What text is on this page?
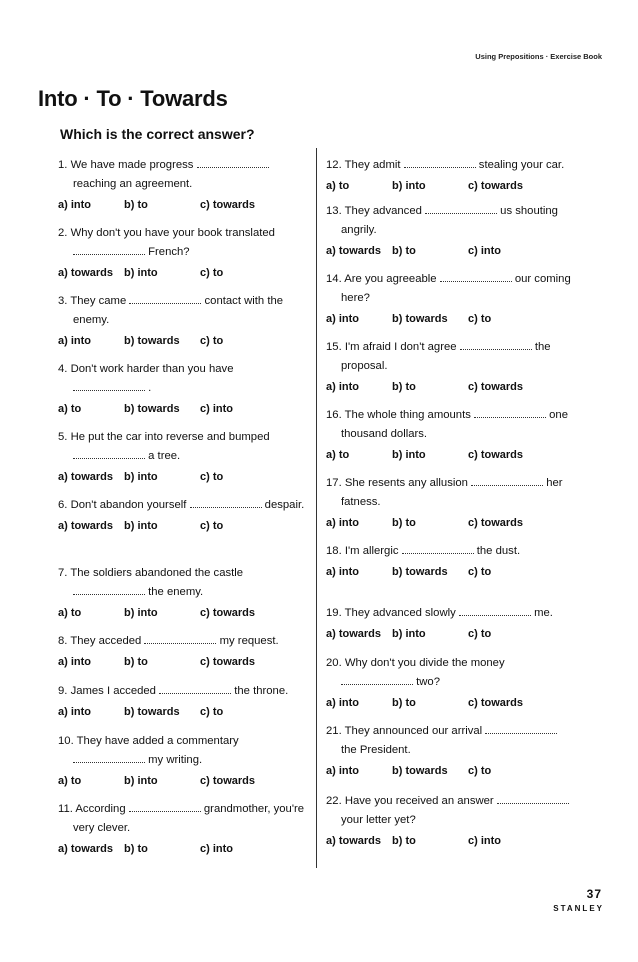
Using Prepositions · Exercise Book
Into · To · Towards
Which is the correct answer?

1. We have made progress  reaching an agreement.

a) into	b) to	c) towards

2. Why don't you have your book translated  French?

a) towards b) into	c) to

3. They came	contact with the enemy.

a) into	b) towards	c) to

4. Don't work harder than you have  .

a) to	b) towards	c) into

5. He put the car into reverse and bumped  a tree.

a) towards b) into	c) to

6. Don't abandon yourself	despair.

a) towards b) into	c) to

7. The soldiers abandoned the castle  the enemy.

a) to	b) into	c) towards

8. They acceded	my request.

a) into	b) to	c) towards

9. James I acceded	the throne.

a) into	b) towards	c) to

10. They have added a commentary  my writing.

a) to	b) into	c) towards

11. According	grandmother, you're very clever.

a) towards b) to	c) into

12. They admit	stealing your car.

a) to	b) into	c) towards

13. They advanced	us shouting angrily.

a) towards b) to	c) into

14. Are you agreeable	our coming here?

a) into	b) towards	c) to

15. I'm afraid I don't agree	the proposal.

a) into	b) to	c) towards

16. The whole thing amounts	one thousand dollars.

a) to	b) into	c) towards

17. She resents any allusion	her fatness.

a) into	b) to	c) towards

18. I'm allergic	the dust.

a) into	b) towards	c) to

19. They advanced slowly	me.

a) towards b) into	c) to

20. Why don't you divide the money  two?

a) into	b) to	c) towards

21. They announced our arrival  the President.

a) into	b) towards	c) to

22. Have you received an answer  your letter yet?

a) towards b) to	c) into
37
STANLEY
